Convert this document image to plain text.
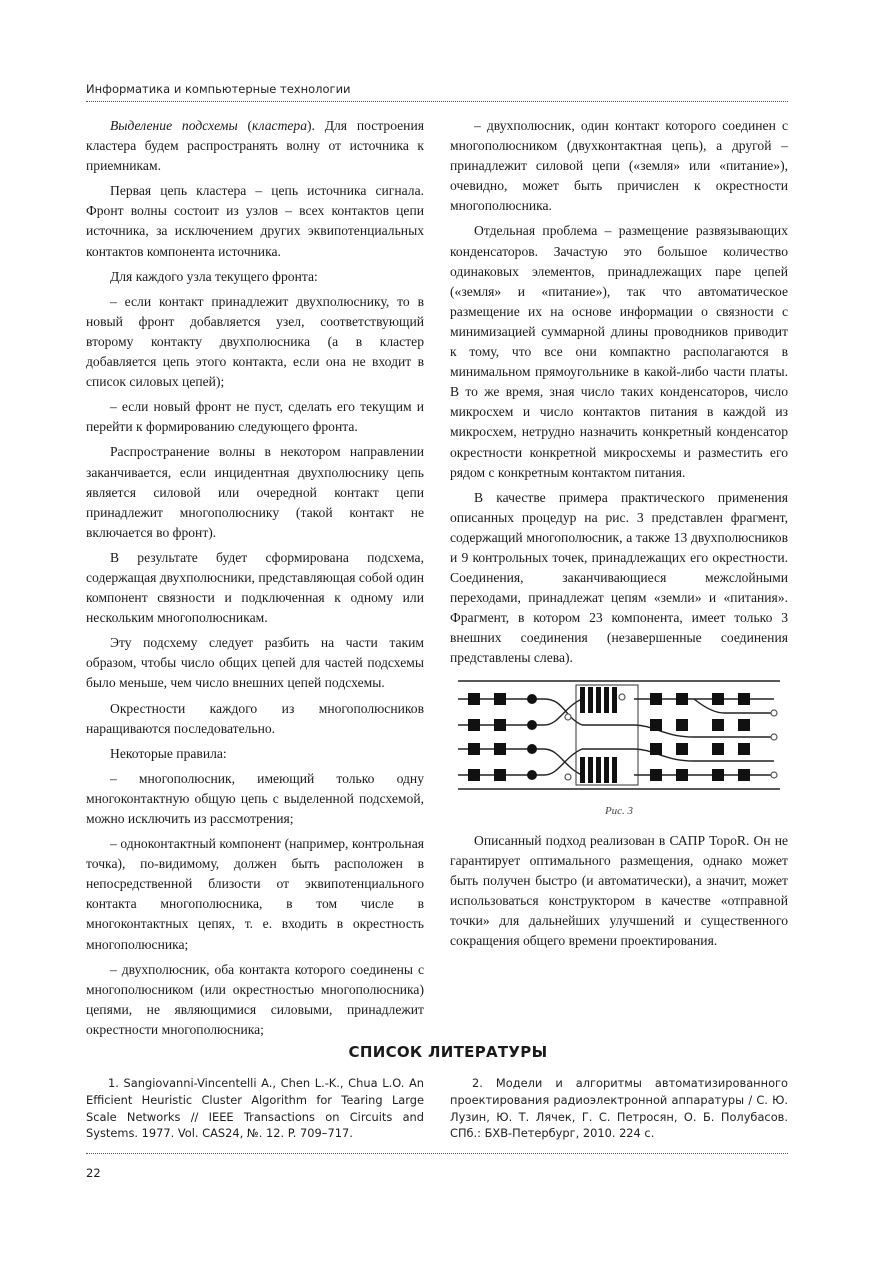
Информатика и компьютерные технологии

Выделение подсхемы (кластера). Для построения кластера будем распространять волну от источника к приемникам.

Первая цепь кластера – цепь источника сигнала. Фронт волны состоит из узлов – всех контактов цепи источника, за исключением других эквипотенциальных контактов компонента источника.

Для каждого узла текущего фронта:

– если контакт принадлежит двухполюснику, то в новый фронт добавляется узел, соответствующий второму контакту двухполюсника (а в кластер добавляется цепь этого контакта, если она не входит в список силовых цепей);

– если новый фронт не пуст, сделать его текущим и перейти к формированию следующего фронта.

Распространение волны в некотором направлении заканчивается, если инцидентная двухполюснику цепь является силовой или очередной контакт цепи принадлежит многополюснику (такой контакт не включается во фронт).

В результате будет сформирована подсхема, содержащая двухполюсники, представляющая собой один компонент связности и подключенная к одному или нескольким многополюсникам.

Эту подсхему следует разбить на части таким образом, чтобы число общих цепей для частей подсхемы было меньше, чем число внешних цепей подсхемы.

Окрестности каждого из многополюсников наращиваются последовательно.

Некоторые правила:

– многополюсник, имеющий только одну многоконтактную общую цепь с выделенной подсхемой, можно исключить из рассмотрения;

– одноконтактный компонент (например, контрольная точка), по-видимому, должен быть расположен в непосредственной близости от эквипотенциального контакта многополюсника, в том числе в многоконтактных цепях, т. е. входить в окрестность многополюсника;

– двухполюсник, оба контакта которого соединены с многополюсником (или окрестностью многополюсника) цепями, не являющимися силовыми, принадлежит окрестности многополюсника;

– двухполюсник, один контакт которого соединен с многополюсником (двухконтактная цепь), а другой – принадлежит силовой цепи («земля» или «питание»), очевидно, может быть причислен к окрестности многополюсника.

Отдельная проблема – размещение развязывающих конденсаторов. Зачастую это большое количество одинаковых элементов, принадлежащих паре цепей («земля» и «питание»), так что автоматическое размещение их на основе информации о связности с минимизацией суммарной длины проводников приводит к тому, что все они компактно располагаются в минимальном прямоугольнике в какой-либо части платы. В то же время, зная число таких конденсаторов, число микросхем и число контактов питания в каждой из микросхем, нетрудно назначить конкретный конденсатор окрестности конкретной микросхемы и разместить его рядом с конкретным контактом питания.

В качестве примера практического применения описанных процедур на рис. 3 представлен фрагмент, содержащий многополюсник, а также 13 двухполюсников и 9 контрольных точек, принадлежащих его окрестности. Соединения, заканчивающиеся межслойными переходами, принадлежат цепям «земли» и «питания». Фрагмент, в котором 23 компонента, имеет только 3 внешних соединения (незавершенные соединения представлены слева).

Рис. 3

Описанный подход реализован в САПР TopoR. Он не гарантирует оптимального размещения, однако может быть получен быстро (и автоматически), а значит, может использоваться конструктором в качестве «отправной точки» для дальнейших улучшений и существенного сокращения общего времени проектирования.

СПИСОК ЛИТЕРАТУРЫ
1. Sangiovanni-Vincentelli A., Chen L.-K., Chua L.O. An Efficient Heuristic Cluster Algorithm for Tearing Large Scale Networks // IEEE Transactions on Circuits and Systems. 1977. Vol. CAS24, №. 12. P. 709–717.
2. Модели и алгоритмы автоматизированного проектирования радиоэлектронной аппаратуры / С. Ю. Лузин, Ю. Т. Лячек, Г. С. Петросян, О. Б. Полубасов. СПб.: БХВ-Петербург, 2010. 224 с.
22
